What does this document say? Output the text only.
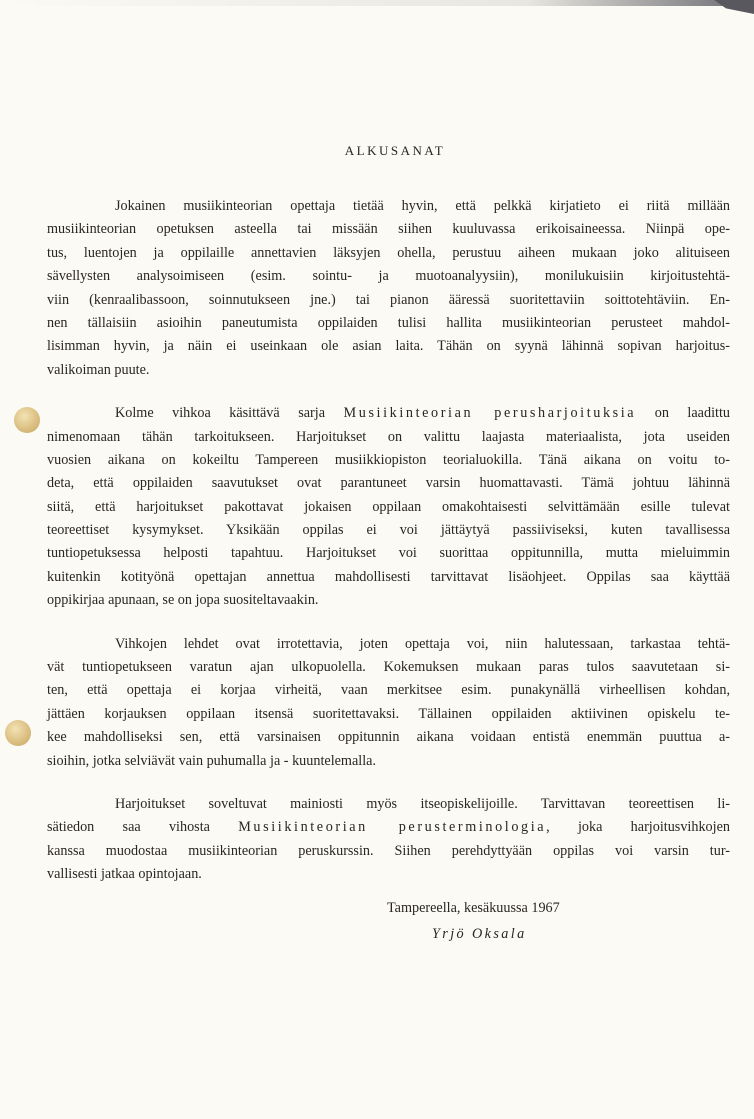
ALKUSANAT
Jokainen musiikinteorian opettaja tietää hyvin, että pelkkä kirjatieto ei riitä millään
musiikinteorian opetuksen asteella tai missään siihen kuuluvassa erikoisaineessa. Niinpä ope-
tus, luentojen ja oppilaille annettavien läksyjen ohella, perustuu aiheen mukaan joko alituiseen
sävellysten analysoimiseen (esim. sointu- ja muotoanalyysiin), monilukuisiin kirjoitustehtä-
viin (kenraalibassoon, soinnutukseen jne.) tai pianon ääressä suoritettaviin soittotehtäviin. En-
nen tällaisiin asioihin paneutumista oppilaiden tulisi hallita musiikinteorian perusteet mahdol-
lisimman hyvin, ja näin ei useinkaan ole asian laita. Tähän on syynä lähinnä sopivan harjoitus-
valikoiman puute.
Kolme vihkoa käsittävä sarja Musiikinteorian perusharjoituksia on laadittu
nimenomaan tähän tarkoitukseen. Harjoitukset on valittu laajasta materiaalista, jota useiden
vuosien aikana on kokeiltu Tampereen musiikkiopiston teorialuokilla. Tänä aikana on voitu to-
deta, että oppilaiden saavutukset ovat parantuneet varsin huomattavasti. Tämä johtuu lähinnä
siitä, että harjoitukset pakottavat jokaisen oppilaan omakohtaisesti selvittämään esille tulevat
teoreettiset kysymykset. Yksikään oppilas ei voi jättäytyä passiiviseksi, kuten tavallisessa
tuntiopetuksessa helposti tapahtuu. Harjoitukset voi suorittaa oppitunnilla, mutta mieluimmin
kuitenkin kotityönä opettajan annettua mahdollisesti tarvittavat lisäohjeet. Oppilas saa käyttää
oppikirjaa apunaan, se on jopa suositeltavaakin.
Vihkojen lehdet ovat irrotettavia, joten opettaja voi, niin halutessaan, tarkastaa tehtä-
vät tuntiopetukseen varatun ajan ulkopuolella. Kokemuksen mukaan paras tulos saavutetaan si-
ten, että opettaja ei korjaa virheitä, vaan merkitsee esim. punakynällä virheellisen kohdan,
jättäen korjauksen oppilaan itsensä suoritettavaksi. Tällainen oppilaiden aktiivinen opiskelu te-
kee mahdolliseksi sen, että varsinaisen oppitunnin aikana voidaan entistä enemmän puuttua a-
sioihin, jotka selviävät vain puhumalla ja - kuuntelemalla.
Harjoitukset soveltuvat mainiosti myös itseopiskelijoille. Tarvittavan teoreettisen li-
sätiedon saa vihosta Musiikinteorian perusterminologia, joka harjoitusvihkojen
kanssa muodostaa musiikinteorian peruskurssin. Siihen perehdyttyään oppilas voi varsin tur-
vallisesti jatkaa opintojaan.
Tampereella, kesäkuussa 1967
Yrjö Oksala
